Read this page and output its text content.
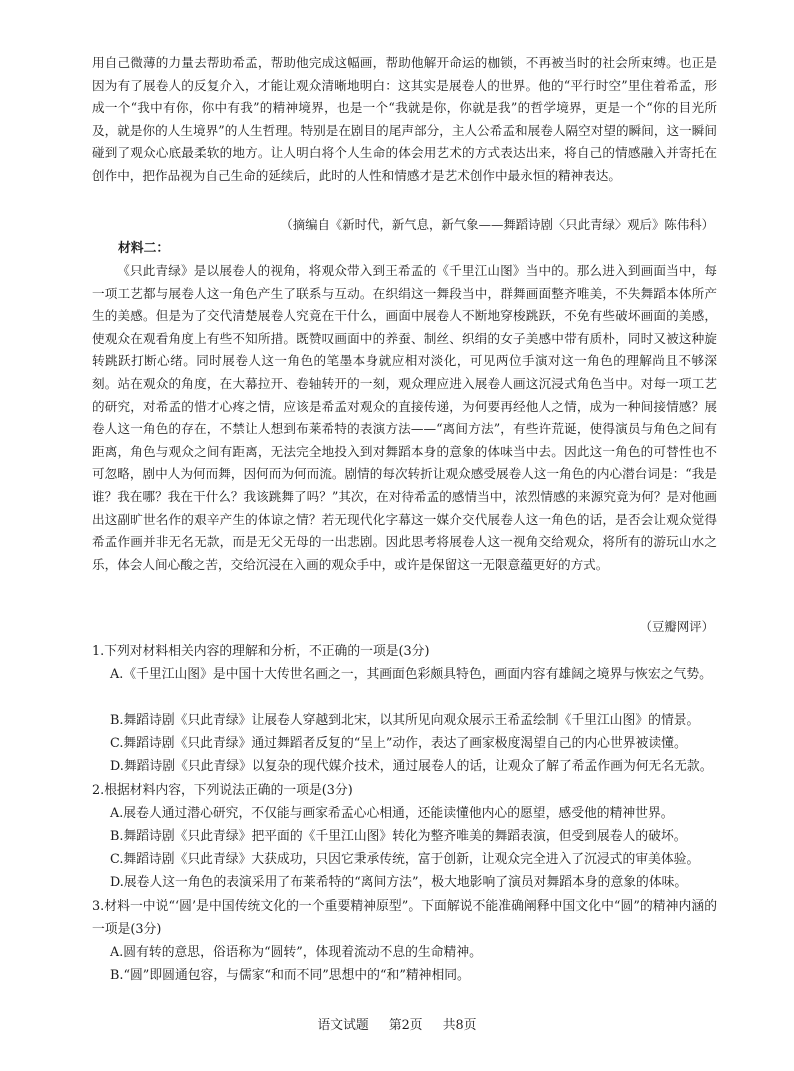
用自己微薄的力量去帮助希孟，帮助他完成这幅画，帮助他解开命运的枷锁，不再被当时的社会所束缚。也正是因为有了展卷人的反复介入，才能让观众清晰地明白：这其实是展卷人的世界。他的“平行时空”里住着希孟，形成一个“我中有你，你中有我”的精神境界，也是一个“我就是你，你就是我”的哲学境界，更是一个“你的目光所及，就是你的人生境界”的人生哲理。特别是在剧目的尾声部分，主人公希孟和展卷人隔空对望的瞬间，这一瞬间碰到了观众心底最柔软的地方。让人明白将个人生命的体会用艺术的方式表达出来，将自己的情感融入并寄托在创作中，把作品视为自己生命的延续后，此时的人性和情感才是艺术创作中最永恒的精神表达。
（摘编自《新时代，新气息，新气象——舞蹈诗剧〈只此青绿〉观后》陈伟科）
材料二：
《只此青绿》是以展卷人的视角，将观众带入到王希孟的《千里江山图》当中的。那么进入到画面当中，每一项工艺都与展卷人这一角色产生了联系与互动。在织绢这一舞段当中，群舞画面整齐唯美，不失舞蹈本体所产生的美感。但是为了交代清楚展卷人究竟在干什么，画面中展卷人不断地穿梭跳跃，不免有些破坏画面的美感，使观众在观看角度上有些不知所措。既赞叹画面中的养蚕、制丝、织绢的女子美感中带有质朴，同时又被这种旋转跳跃打断心绪。同时展卷人这一角色的笔墨本身就应相对淡化，可见两位手演对这一角色的理解尚且不够深刻。站在观众的角度，在大幕拉开、卷轴转开的一刻，观众理应进入展卷人画这沉浸式角色当中。对每一项工艺的研究，对希孟的惜才心疼之情，应该是希孟对观众的直接传递，为何要再经他人之情，成为一种间接情感？展卷人这一角色的存在，不禁让人想到布莱希特的表演方法——“离间方法”，有些许荒诞，使得演员与角色之间有距离，角色与观众之间有距离，无法完全地投入到对舞蹈本身的意象的体味当中去。因此这一角色的可替性也不可忽略，剧中人为何而舞，因何而为何而流。剧情的每次转折让观众感受展卷人这一角色的内心潜台词是：“我是谁？我在哪？我在干什么？我该跳舞了吗？”其次，在对待希孟的感情当中，浓烈情感的来源究竟为何？是对他画出这副旷世名作的艰辛产生的体谅之情？若无现代化字幕这一媒介交代展卷人这一角色的话，是否会让观众觉得希孟作画并非无名无款，而是无父无母的一出悲剧。因此思考将展卷人这一视角交给观众，将所有的游玩山水之乐，体会人间心酸之苦，交给沉浸在入画的观众手中，或许是保留这一无限意蕴更好的方式。
（豆瓣网评）
1.下列对材料相关内容的理解和分析，不正确的一项是(3分)
A.《千里江山图》是中国十大传世名画之一，其画面色彩颇具特色，画面内容有雄阔之境界与恢宏之气势。
B.舞蹈诗剧《只此青绿》让展卷人穿越到北宋，以其所见向观众展示王希孟绘制《千里江山图》的情景。
C.舞蹈诗剧《只此青绿》通过舞蹈者反复的“呈上”动作，表达了画家极度渴望自己的内心世界被读懂。
D.舞蹈诗剧《只此青绿》以复杂的现代媒介技术，通过展卷人的话，让观众了解了希孟作画为何无名无款。
2.根据材料内容，下列说法正确的一项是(3分)
A.展卷人通过潜心研究，不仅能与画家希孟心心相通，还能读懂他内心的愿望，感受他的精神世界。
B.舞蹈诗剧《只此青绿》把平面的《千里江山图》转化为整齐唯美的舞蹈表演，但受到展卷人的破坏。
C.舞蹈诗剧《只此青绿》大获成功，只因它秉承传统，富于创新，让观众完全进入了沉浸式的审美体验。
D.展卷人这一角色的表演采用了布莱希特的“离间方法”，极大地影响了演员对舞蹈本身的意象的体味。
3.材料一中说“‘圆’是中国传统文化的一个重要精神原型”。下面解说不能准确阐释中国文化中“圆”的精神内涵的一项是(3分)
A.圆有转的意思，俗语称为“圆转”，体现着流动不息的生命精神。
B.“圆”即圆通包容，与儒家“和而不同”思想中的“和”精神相同。
语文试题 第2页 共8页
